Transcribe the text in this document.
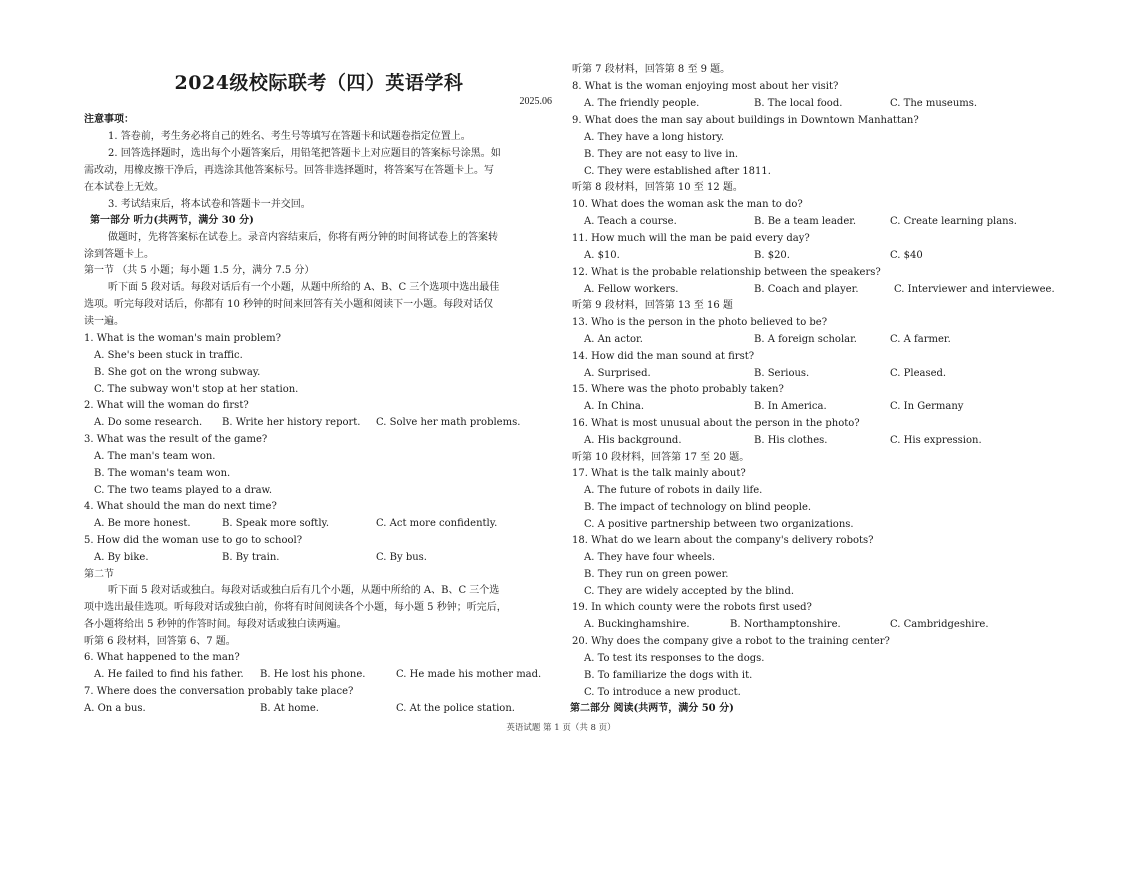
2024级校际联考（四）英语学科
2025.06
注意事项：
1. 答卷前，考生务必将自己的姓名、考生号等填写在答题卡和试题卷指定位置上。
2. 回答选择题时，选出每个小题答案后，用铅笔把答题卡上对应题目的答案标号涂黑。如
需改动，用橡皮擦干净后，再选涂其他答案标号。回答非选择题时，将答案写在答题卡上。写
在本试卷上无效。
3. 考试结束后，将本试卷和答题卡一并交回。
第一部分 听力(共两节，满分 30 分)
做题时，先将答案标在试卷上。录音内容结束后，你将有两分钟的时间将试卷上的答案转
涂到答题卡上。
第一节 （共 5 小题；每小题 1.5 分，满分 7.5 分）
听下面 5 段对话。每段对话后有一个小题，从题中所给的 A、B、C 三个选项中选出最佳
选项。听完每段对话后，你都有 10 秒钟的时间来回答有关小题和阅读下一小题。每段对话仅
读一遍。
1. What is the woman's main problem?
A. She's been stuck in traffic.
B. She got on the wrong subway.
C. The subway won't stop at her station.
2. What will the woman do first?
A. Do some research. B. Write her history report. C. Solve her math problems.
3. What was the result of the game?
A. The man's team won.
B. The woman's team won.
C. The two teams played to a draw.
4. What should the man do next time?
A. Be more honest.	B. Speak more softly.	C. Act more confidently.
5. How did the woman use to go to school?
A. By bike.	B. By train.	C. By bus.
第二节
听下面 5 段对话或独白。每段对话或独白后有几个小题，从题中所给的 A、B、C 三个选
项中选出最佳选项。听每段对话或独白前，你将有时间阅读各个小题，每小题 5 秒钟；听完后，
各小题将给出 5 秒钟的作答时间。每段对话或独白读两遍。
听第 6 段材料，回答第 6、7 题。
6. What happened to the man?
A. He failed to find his father. B. He lost his phone.	C. He made his mother mad.
7. Where does the conversation probably take place?
A. On a bus.	B. At home.	C. At the police station.
听第 7 段材料，回答第 8 至 9 题。
8. What is the woman enjoying most about her visit?
A. The friendly people.	B. The local food.	C. The museums.
9. What does the man say about buildings in Downtown Manhattan?
A. They have a long history.
B. They are not easy to live in.
C. They were established after 1811.
听第 8 段材料，回答第 10 至 12 题。
10. What does the woman ask the man to do?
A. Teach a course.	B. Be a team leader.	C. Create learning plans.
11. How much will the man be paid every day?
A. $10.	B. $20.	C. $40
12. What is the probable relationship between the speakers?
A. Fellow workers.	B. Coach and player.	C. Interviewer and interviewee.
听第 9 段材料，回答第 13 至 16 题
13. Who is the person in the photo believed to be?
A. An actor.	B. A foreign scholar.	C. A farmer.
14. How did the man sound at first?
A. Surprised.	B. Serious.	C. Pleased.
15. Where was the photo probably taken?
A. In China.	B. In America.	C. In Germany
16. What is most unusual about the person in the photo?
A. His background.	B. His clothes.	C. His expression.
听第 10 段材料，回答第 17 至 20 题。
17. What is the talk mainly about?
A. The future of robots in daily life.
B. The impact of technology on blind people.
C. A positive partnership between two organizations.
18. What do we learn about the company's delivery robots?
A. They have four wheels.
B. They run on green power.
C. They are widely accepted by the blind.
19. In which county were the robots first used?
A. Buckinghamshire.	B. Northamptonshire.	C. Cambridgeshire.
20. Why does the company give a robot to the training center?
A. To test its responses to the dogs.
B. To familiarize the dogs with it.
C. To introduce a new product.
第二部分 阅读(共两节，满分 50 分)
英语试题 第 1 页（共 8 页）
